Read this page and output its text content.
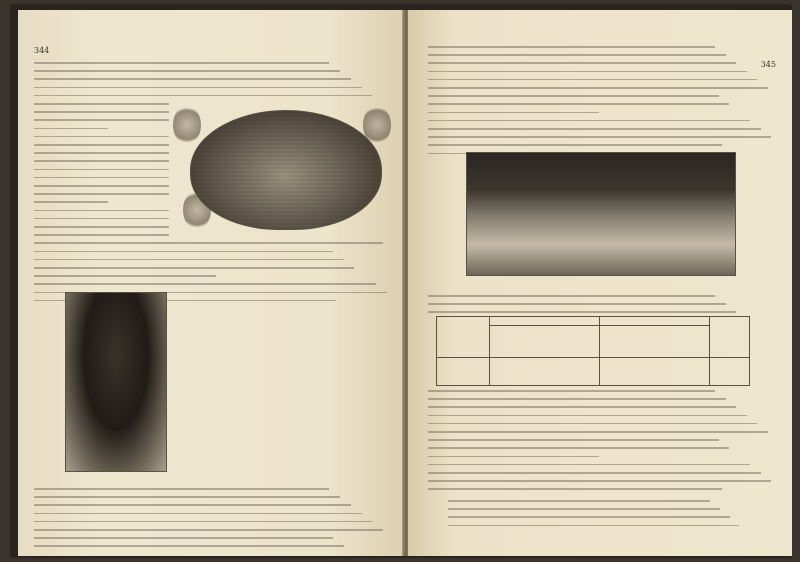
344
345
